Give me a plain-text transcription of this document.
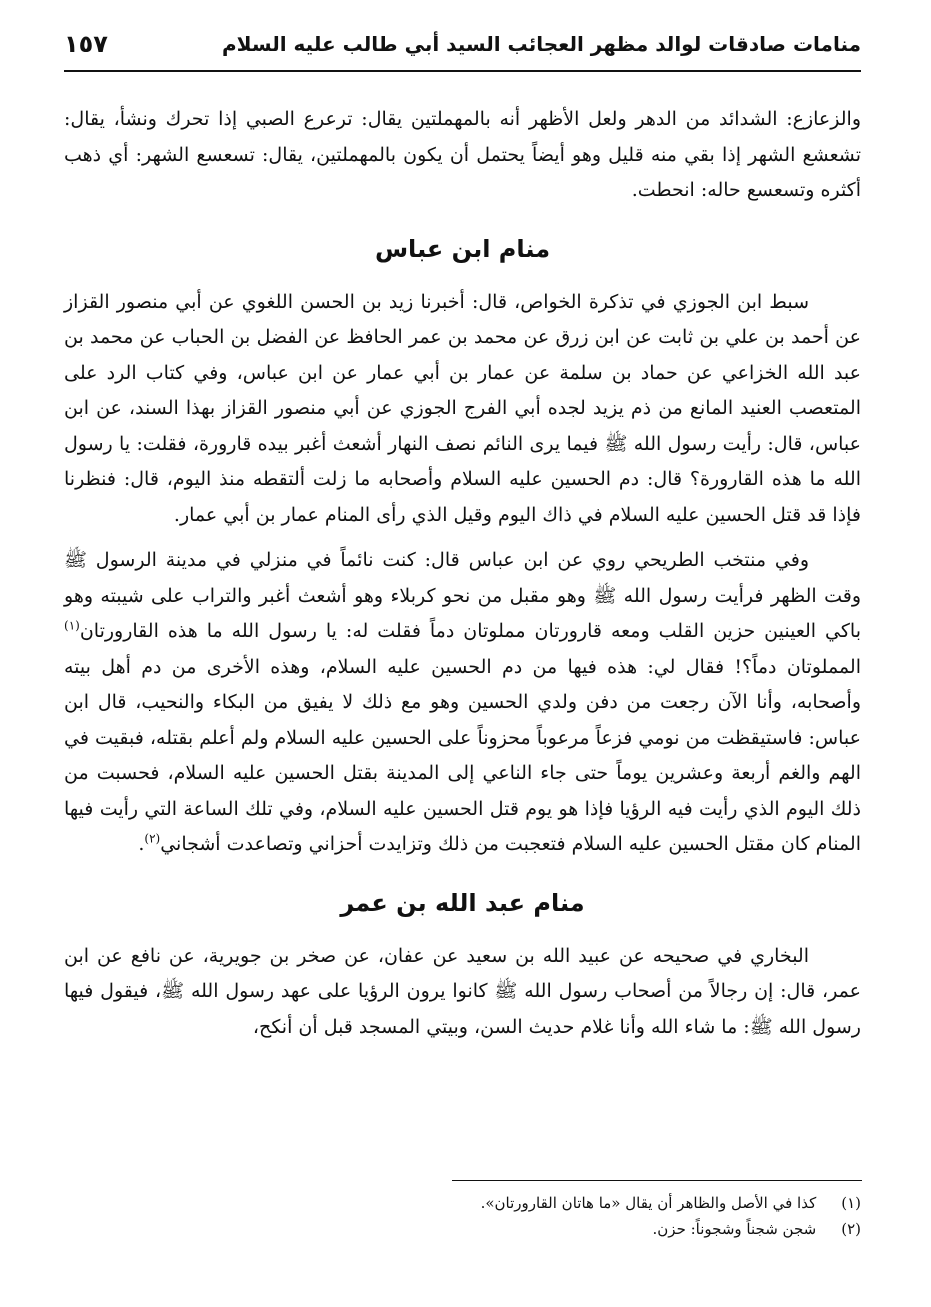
منامات صادقات لوالد مظهر العجائب السيد أبي طالب عليه السلام
١٥٧

والزعازع: الشدائد من الدهر ولعل الأظهر أنه بالمهملتين يقال: ترعرع الصبي إذا تحرك ونشأ، يقال: تشعشع الشهر إذا بقي منه قليل وهو أيضاً يحتمل أن يكون بالمهملتين، يقال: تسعسع الشهر: أي ذهب أكثره وتسعسع حاله: انحطت.

منام ابن عباس

سبط ابن الجوزي في تذكرة الخواص، قال: أخبرنا زيد بن الحسن اللغوي عن أبي منصور القزاز عن أحمد بن علي بن ثابت عن ابن زرق عن محمد بن عمر الحافظ عن الفضل بن الحباب عن محمد بن عبد الله الخزاعي عن حماد بن سلمة عن عمار بن أبي عمار عن ابن عباس، وفي كتاب الرد على المتعصب العنيد المانع من ذم يزيد لجده أبي الفرج الجوزي عن أبي منصور القزاز بهذا السند، عن ابن عباس، قال: رأيت رسول الله ﷺ فيما يرى النائم نصف النهار أشعث أغبر بيده قارورة، فقلت: يا رسول الله ما هذه القارورة؟ قال: دم الحسين عليه السلام وأصحابه ما زلت ألتقطه منذ اليوم، قال: فنظرنا فإذا قد قتل الحسين عليه السلام في ذاك اليوم وقيل الذي رأى المنام عمار بن أبي عمار.

وفي منتخب الطريحي روي عن ابن عباس قال: كنت نائماً في منزلي في مدينة الرسول ﷺ وقت الظهر فرأيت رسول الله ﷺ وهو مقبل من نحو كربلاء وهو أشعث أغبر والتراب على شيبته وهو باكي العينين حزين القلب ومعه قارورتان مملوتان دماً فقلت له: يا رسول الله ما هذه القارورتان$^{(١)}$ المملوتان دماً؟! فقال لي: هذه فيها من دم الحسين عليه السلام، وهذه الأخرى من دم أهل بيته وأصحابه، وأنا الآن رجعت من دفن ولدي الحسين وهو مع ذلك لا يفيق من البكاء والنحيب، قال ابن عباس: فاستيقظت من نومي فزعاً مرعوباً محزوناً على الحسين عليه السلام ولم أعلم بقتله، فبقيت في الهم والغم أربعة وعشرين يوماً حتى جاء الناعي إلى المدينة بقتل الحسين عليه السلام، فحسبت من ذلك اليوم الذي رأيت فيه الرؤيا فإذا هو يوم قتل الحسين عليه السلام، وفي تلك الساعة التي رأيت فيها المنام كان مقتل الحسين عليه السلام فتعجبت من ذلك وتزايدت أحزاني وتصاعدت أشجاني$^{(٢)}$.

منام عبد الله بن عمر

البخاري في صحيحه عن عبيد الله بن سعيد عن عفان، عن صخر بن جويرية، عن نافع عن ابن عمر، قال: إن رجالاً من أصحاب رسول الله ﷺ كانوا يرون الرؤيا على عهد رسول الله ﷺ، فيقول فيها رسول الله ﷺ: ما شاء الله وأنا غلام حديث السن، وبيتي المسجد قبل أن أنكح،

(١) كذا في الأصل والظاهر أن يقال «ما هاتان القارورتان».

(٢) شجن شجناً وشجوناً: حزن.
